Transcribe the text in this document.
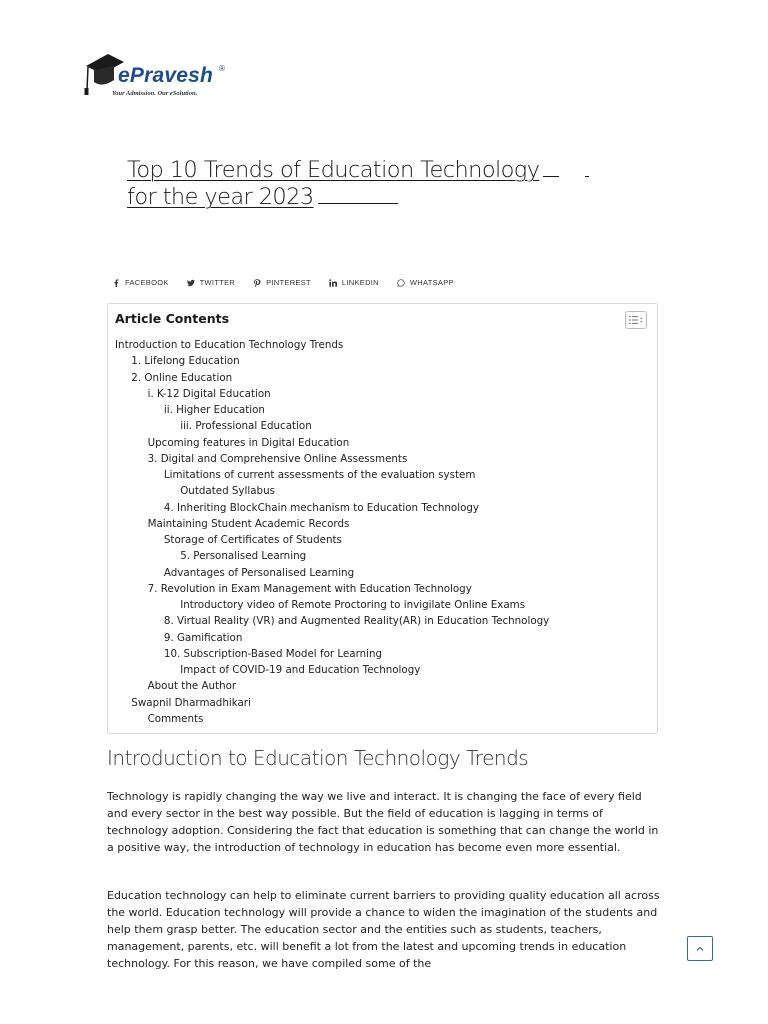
ePravesh ®
Your Admission. Our eSolution.
Top 10 Trends of Education Technology
for the year 2023
FACEBOOK	TWITTER	PINTEREST	LINKEDIN	WHATSAPP
Article Contents
Introduction to Education Technology Trends
1. Lifelong Education
2. Online Education
i. K-12 Digital Education
ii. Higher Education
iii. Professional Education
Upcoming features in Digital Education
3. Digital and Comprehensive Online Assessments
Limitations of current assessments of the evaluation system
Outdated Syllabus
4. Inheriting BlockChain mechanism to Education Technology
Maintaining Student Academic Records
Storage of Certificates of Students
5. Personalised Learning
Advantages of Personalised Learning
7. Revolution in Exam Management with Education Technology
Introductory video of Remote Proctoring to invigilate Online Exams
8. Virtual Reality (VR) and Augmented Reality(AR) in Education Technology
9. Gamification
10. Subscription-Based Model for Learning
Impact of COVID-19 and Education Technology
About the Author
Swapnil Dharmadhikari
Comments
Introduction to Education Technology Trends

Technology is rapidly changing the way we live and interact. It is changing the face of every field and every sector in the best way possible. But the field of education is lagging in terms of technology adoption. Considering the fact that education is something that can change the world in a positive way, the introduction of technology in education has become even more essential.

Education technology can help to eliminate current barriers to providing quality education all across the world. Education technology will provide a chance to widen the imagination of the students and help them grasp better. The education sector and the entities such as students, teachers, management, parents, etc. will benefit a lot from the latest and upcoming trends in education technology. For this reason, we have compiled some of the
